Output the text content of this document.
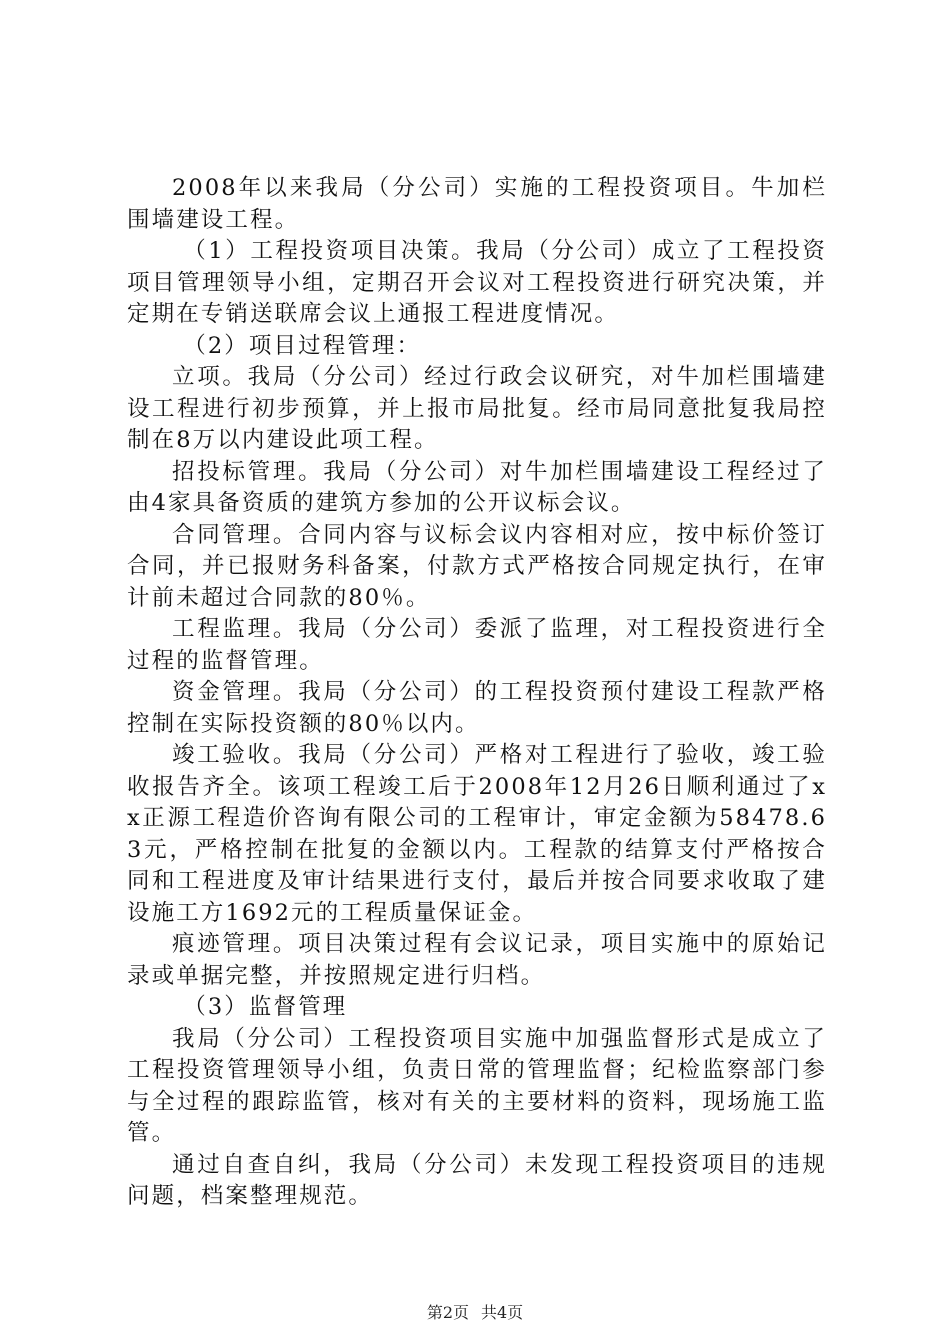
2008年以来我局（分公司）实施的工程投资项目。牛加栏围墙建设工程。

（1）工程投资项目决策。我局（分公司）成立了工程投资项目管理领导小组，定期召开会议对工程投资进行研究决策，并定期在专销送联席会议上通报工程进度情况。

（2）项目过程管理：

立项。我局（分公司）经过行政会议研究，对牛加栏围墙建设工程进行初步预算，并上报市局批复。经市局同意批复我局控制在8万以内建设此项工程。

招投标管理。我局（分公司）对牛加栏围墙建设工程经过了由4家具备资质的建筑方参加的公开议标会议。

合同管理。合同内容与议标会议内容相对应，按中标价签订合同，并已报财务科备案，付款方式严格按合同规定执行，在审计前未超过合同款的80％。

工程监理。我局（分公司）委派了监理，对工程投资进行全过程的监督管理。

资金管理。我局（分公司）的工程投资预付建设工程款严格控制在实际投资额的80％以内。

竣工验收。我局（分公司）严格对工程进行了验收，竣工验收报告齐全。该项工程竣工后于2008年12月26日顺利通过了xx正源工程造价咨询有限公司的工程审计，审定金额为58478.63元，严格控制在批复的金额以内。工程款的结算支付严格按合同和工程进度及审计结果进行支付，最后并按合同要求收取了建设施工方1692元的工程质量保证金。

痕迹管理。项目决策过程有会议记录，项目实施中的原始记录或单据完整，并按照规定进行归档。

（3）监督管理

我局（分公司）工程投资项目实施中加强监督形式是成立了工程投资管理领导小组，负责日常的管理监督；纪检监察部门参与全过程的跟踪监管，核对有关的主要材料的资料，现场施工监管。

通过自查自纠，我局（分公司）未发现工程投资项目的违规问题，档案整理规范。

第2页 共4页
